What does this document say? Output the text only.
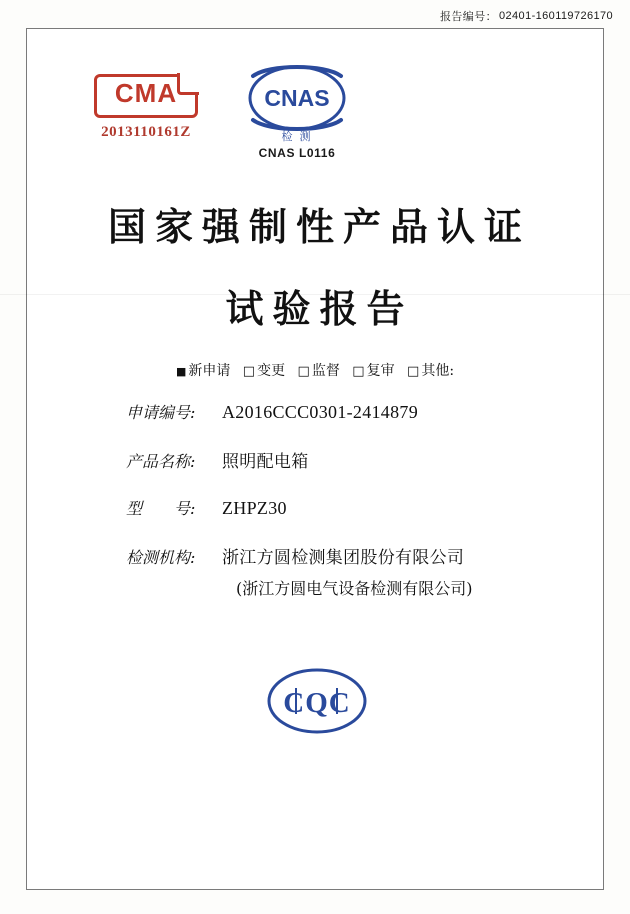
报告编号： 02401-160119726170
CMA
2013110161Z
CNAS
检 测
CNAS L0116
国家强制性产品认证
试验报告
■ 新申请 □ 变更 □ 监督 □ 复审 □ 其他:
申请编号:	A2016CCC0301-2414879
产品名称:	照明配电箱
型　　号:	ZHPZ30
检测机构:	浙江方圆检测集团股份有限公司
(浙江方圆电气设备检测有限公司)
CQC
